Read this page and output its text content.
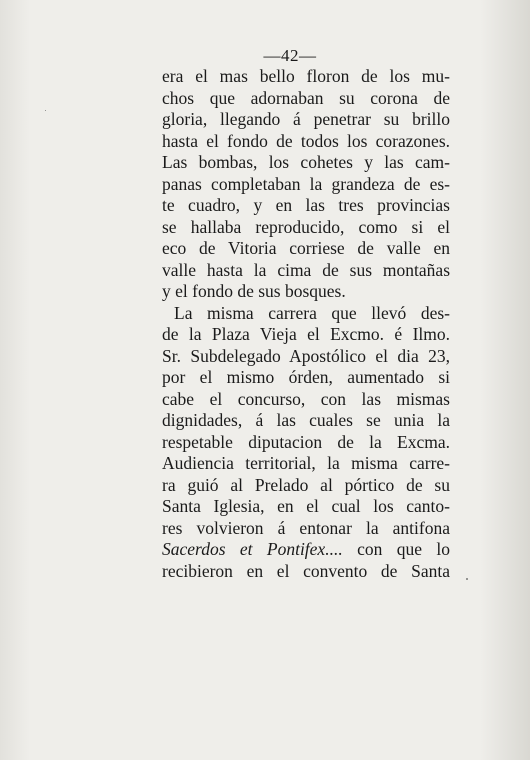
—42—
era el mas bello floron de los mu-
chos que adornaban su corona de
gloria, llegando á penetrar su brillo
hasta el fondo de todos los corazones.
Las bombas, los cohetes y las cam-
panas completaban la grandeza de es-
te cuadro, y en las tres provincias
se hallaba reproducido, como si el
eco de Vitoria corriese de valle en
valle hasta la cima de sus montañas
y el fondo de sus bosques.
La misma carrera que llevó des-
de la Plaza Vieja el Excmo. é Ilmo.
Sr. Subdelegado Apostólico el dia 23,
por el mismo órden, aumentado si
cabe el concurso, con las mismas
dignidades, á las cuales se unia la
respetable diputacion de la Excma.
Audiencia territorial, la misma carre-
ra guió al Prelado al pórtico de su
Santa Iglesia, en el cual los canto-
res volvieron á entonar la antifona
Sacerdos et Pontifex.... con que lo
recibieron en el convento de Santa
